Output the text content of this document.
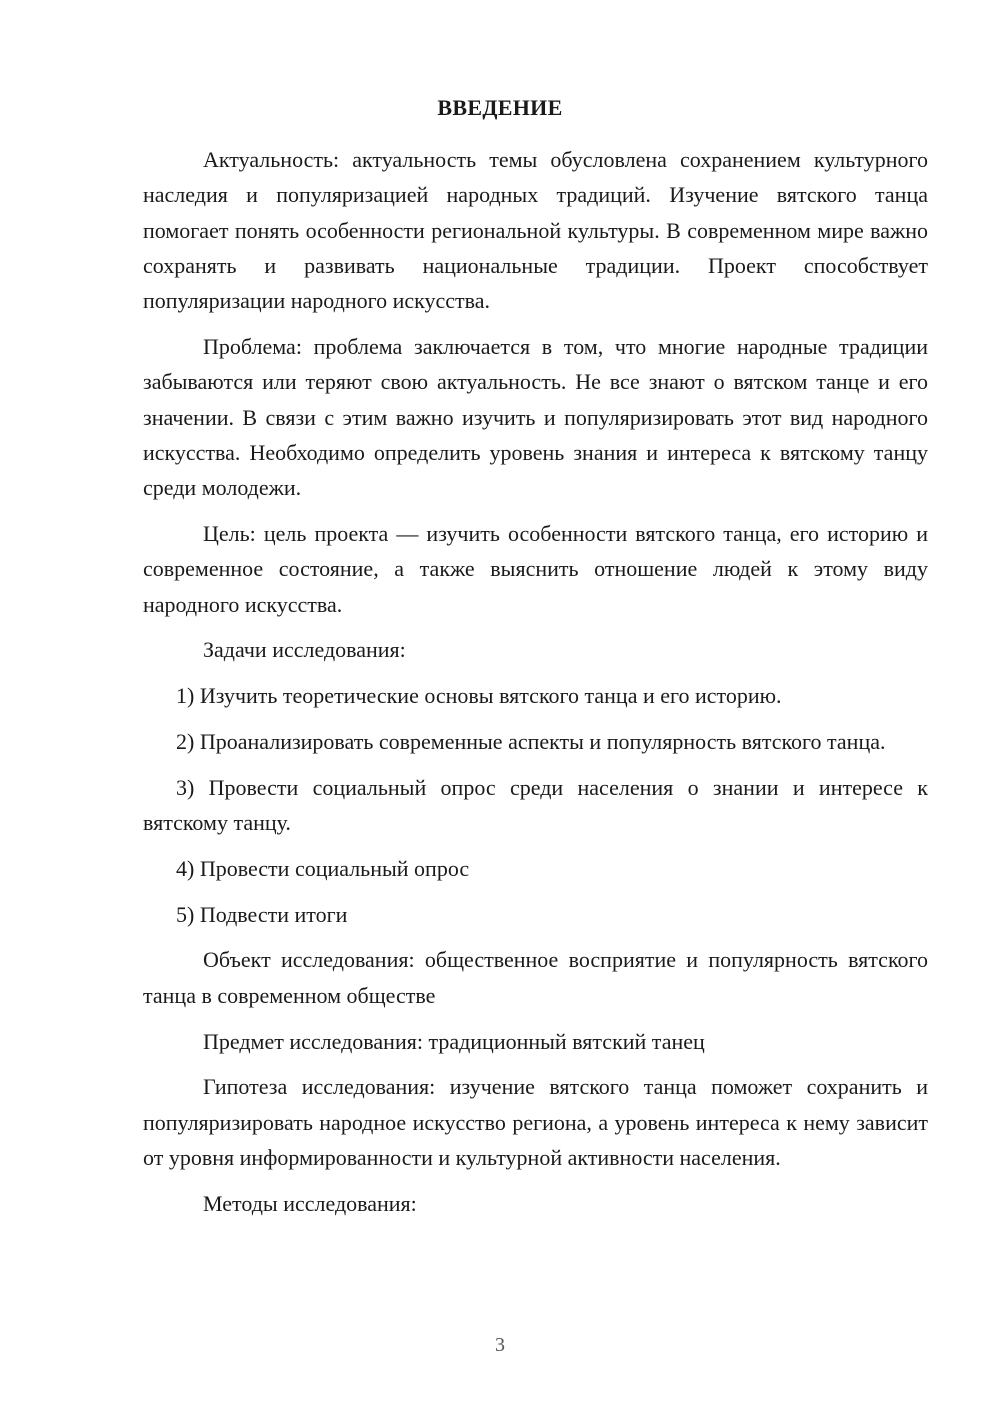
ВВЕДЕНИЕ

Актуальность: актуальность темы обусловлена сохранением культурного наследия и популяризацией народных традиций. Изучение вятского танца помогает понять особенности региональной культуры. В современном мире важно сохранять и развивать национальные традиции. Проект способствует популяризации народного искусства.

Проблема: проблема заключается в том, что многие народные традиции забываются или теряют свою актуальность. Не все знают о вятском танце и его значении. В связи с этим важно изучить и популяризировать этот вид народного искусства. Необходимо определить уровень знания и интереса к вятскому танцу среди молодежи.

Цель: цель проекта — изучить особенности вятского танца, его историю и современное состояние, а также выяснить отношение людей к этому виду народного искусства.

Задачи исследования:

1) Изучить теоретические основы вятского танца и его историю.

2) Проанализировать современные аспекты и популярность вятского танца.

3) Провести социальный опрос среди населения о знании и интересе к вятскому танцу.

4) Провести социальный опрос

5) Подвести итоги

Объект исследования: общественное восприятие и популярность вятского танца в современном обществе

Предмет исследования: традиционный вятский танец

Гипотеза исследования: изучение вятского танца поможет сохранить и популяризировать народное искусство региона, а уровень интереса к нему зависит от уровня информированности и культурной активности населения.

Методы исследования:

3
